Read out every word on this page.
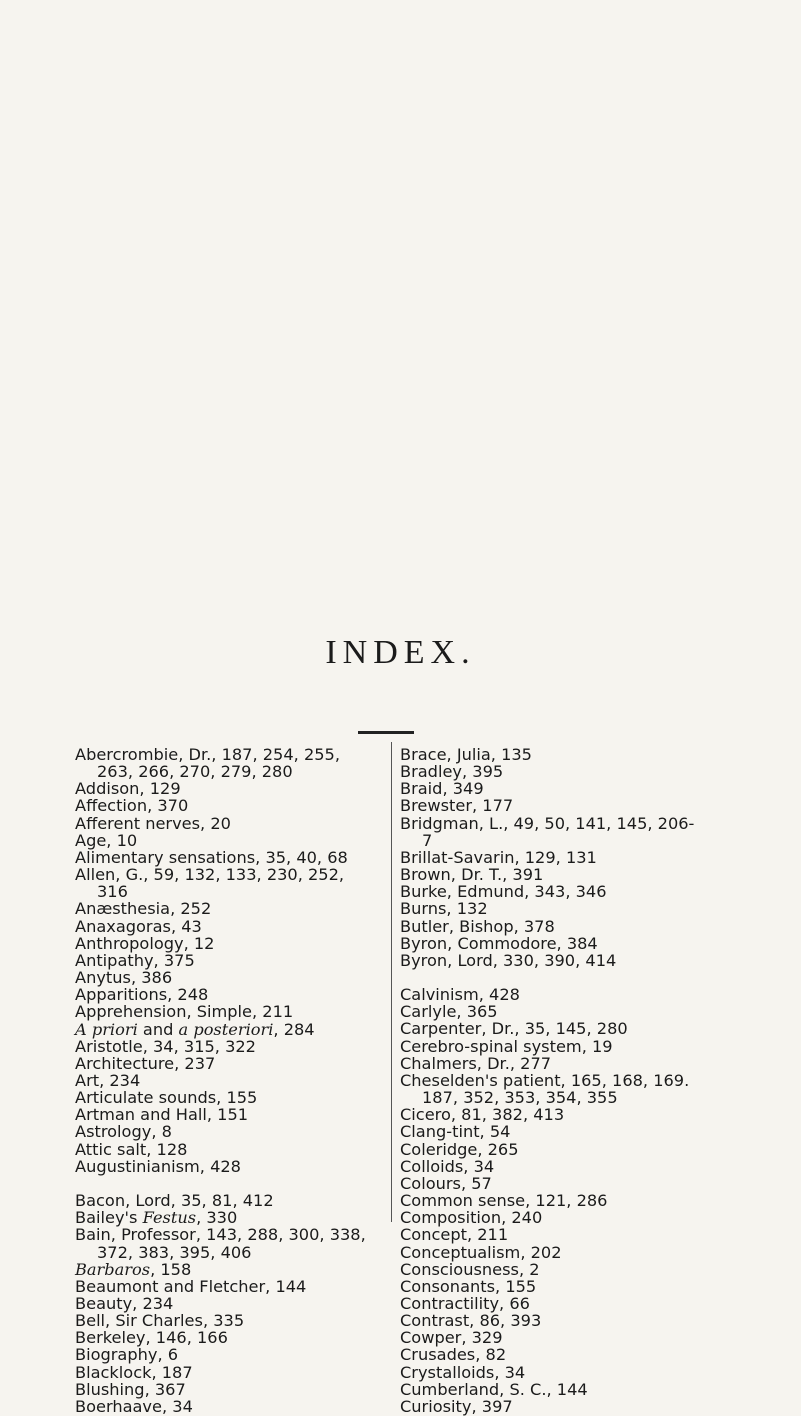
INDEX.
Abercrombie, Dr., 187, 254, 255,
263, 266, 270, 279, 280
Addison, 129
Affection, 370
Afferent nerves, 20
Age, 10
Alimentary sensations, 35, 40, 68
Allen, G., 59, 132, 133, 230, 252,
316
Anæsthesia, 252
Anaxagoras, 43
Anthropology, 12
Antipathy, 375
Anytus, 386
Apparitions, 248
Apprehension, Simple, 211
A priori and a posteriori, 284
Aristotle, 34, 315, 322
Architecture, 237
Art, 234
Articulate sounds, 155
Artman and Hall, 151
Astrology, 8
Attic salt, 128
Augustinianism, 428
Bacon, Lord, 35, 81, 412
Bailey's Festus, 330
Bain, Professor, 143, 288, 300, 338,
372, 383, 395, 406
Barbaros, 158
Beaumont and Fletcher, 144
Beauty, 234
Bell, Sir Charles, 335
Berkeley, 146, 166
Biography, 6
Blacklock, 187
Blushing, 367
Boerhaave, 34
Brace, Julia, 135
Bradley, 395
Braid, 349
Brewster, 177
Bridgman, L., 49, 50, 141, 145, 206-
7
Brillat-Savarin, 129, 131
Brown, Dr. T., 391
Burke, Edmund, 343, 346
Burns, 132
Butler, Bishop, 378
Byron, Commodore, 384
Byron, Lord, 330, 390, 414
Calvinism, 428
Carlyle, 365
Carpenter, Dr., 35, 145, 280
Cerebro-spinal system, 19
Chalmers, Dr., 277
Cheselden's patient, 165, 168, 169.
187, 352, 353, 354, 355
Cicero, 81, 382, 413
Clang-tint, 54
Coleridge, 265
Colloids, 34
Colours, 57
Common sense, 121, 286
Composition, 240
Concept, 211
Conceptualism, 202
Consciousness, 2
Consonants, 155
Contractility, 66
Contrast, 86, 393
Cowper, 329
Crusades, 82
Crystalloids, 34
Cumberland, S. C., 144
Curiosity, 397
